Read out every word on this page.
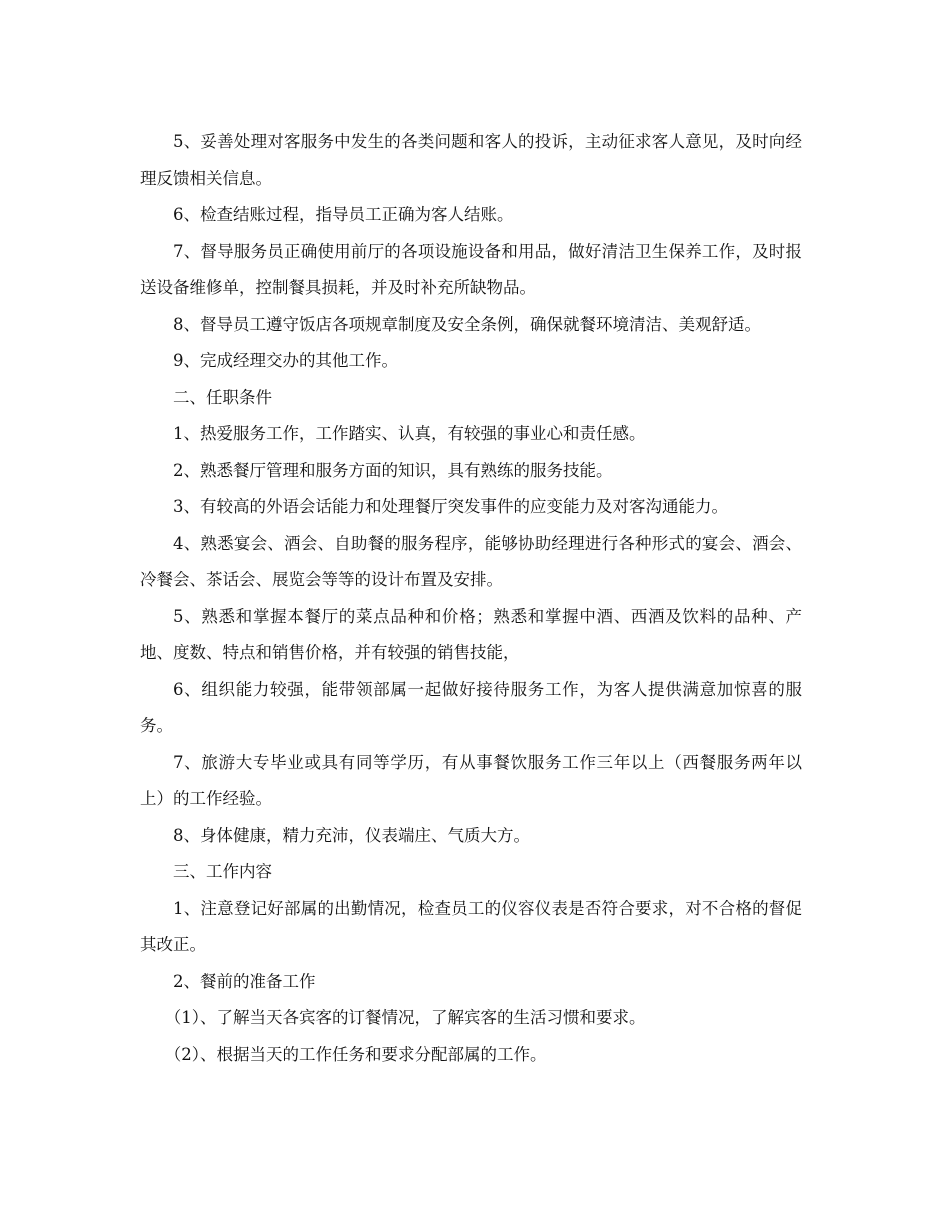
5、妥善处理对客服务中发生的各类问题和客人的投诉，主动征求客人意见，及时向经理反馈相关信息。

6、检查结账过程，指导员工正确为客人结账。

7、督导服务员正确使用前厅的各项设施设备和用品，做好清洁卫生保养工作，及时报送设备维修单，控制餐具损耗，并及时补充所缺物品。

8、督导员工遵守饭店各项规章制度及安全条例，确保就餐环境清洁、美观舒适。

9、完成经理交办的其他工作。

二、任职条件

1、热爱服务工作，工作踏实、认真，有较强的事业心和责任感。

2、熟悉餐厅管理和服务方面的知识，具有熟练的服务技能。

3、有较高的外语会话能力和处理餐厅突发事件的应变能力及对客沟通能力。

4、熟悉宴会、酒会、自助餐的服务程序，能够协助经理进行各种形式的宴会、酒会、冷餐会、茶话会、展览会等等的设计布置及安排。

5、熟悉和掌握本餐厅的菜点品种和价格；熟悉和掌握中酒、西酒及饮料的品种、产地、度数、特点和销售价格，并有较强的销售技能，

6、组织能力较强，能带领部属一起做好接待服务工作，为客人提供满意加惊喜的服务。

7、旅游大专毕业或具有同等学历，有从事餐饮服务工作三年以上（西餐服务两年以上）的工作经验。

8、身体健康，精力充沛，仪表端庄、气质大方。

三、工作内容

1、注意登记好部属的出勤情况，检查员工的仪容仪表是否符合要求，对不合格的督促其改正。

2、餐前的准备工作

（1）、了解当天各宾客的订餐情况，了解宾客的生活习惯和要求。

（2）、根据当天的工作任务和要求分配部属的工作。
